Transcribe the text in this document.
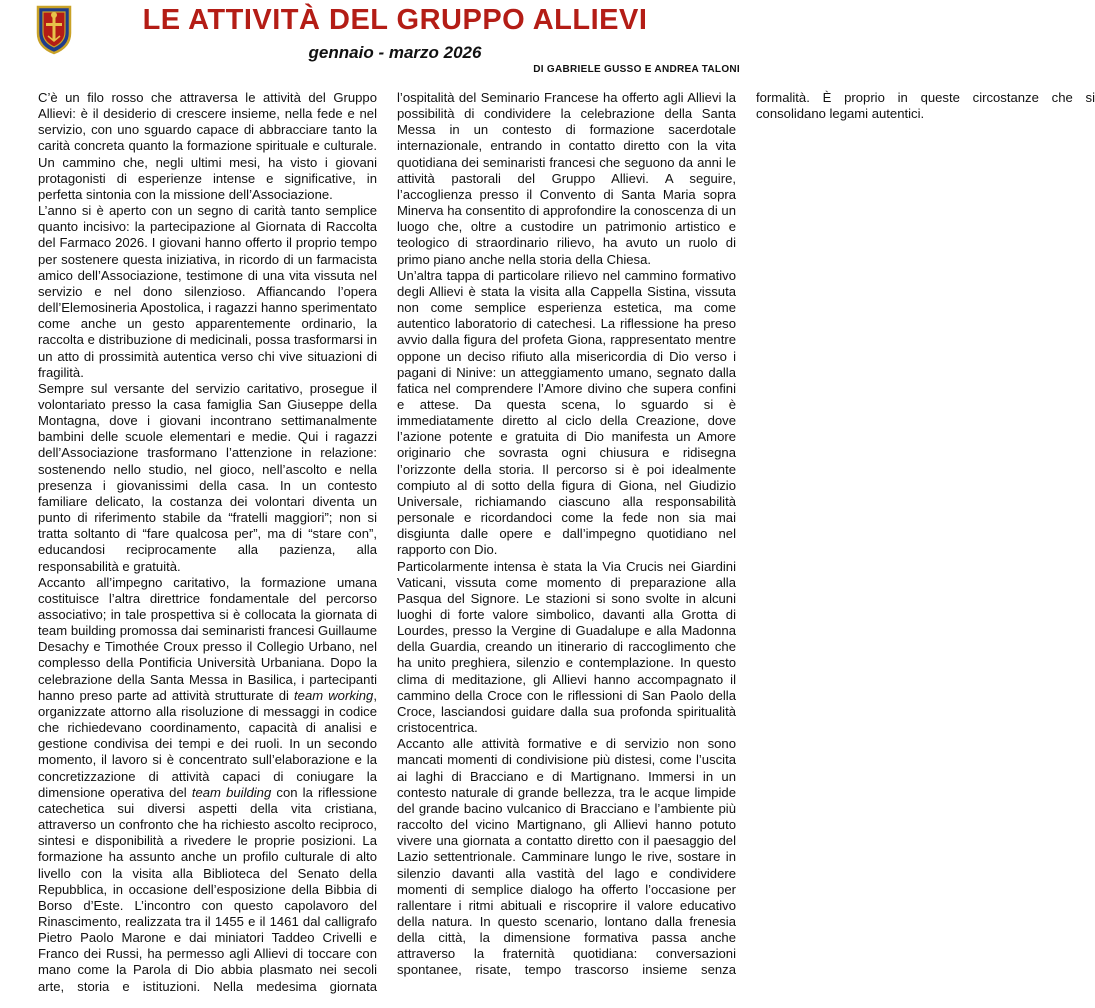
LE ATTIVITÀ DEL GRUPPO ALLIEVI
gennaio - marzo 2026
DI GABRIELE GUSSO E ANDREA TALONI

C’è un filo rosso che attraversa le attività del Gruppo Allievi: è il desiderio di crescere insieme, nella fede e nel servizio, con uno sguardo capace di abbracciare tanto la carità concreta quanto la formazione spirituale e culturale. Un cammino che, negli ultimi mesi, ha visto i giovani protagonisti di esperienze intense e significative, in perfetta sintonia con la missione dell’Associazione.

L’anno si è aperto con un segno di carità tanto semplice quanto incisivo: la partecipazione al Giornata di Raccolta del Farmaco 2026. I giovani hanno offerto il proprio tempo per sostenere questa iniziativa, in ricordo di un farmacista amico dell’Associazione, testimone di una vita vissuta nel servizio e nel dono silenzioso. Affiancando l’opera dell’Elemosineria Apostolica, i ragazzi hanno sperimentato come anche un gesto apparentemente ordinario, la raccolta e distribuzione di medicinali, possa trasformarsi in un atto di prossimità autentica verso chi vive situazioni di fragilità.

Sempre sul versante del servizio caritativo, prosegue il volontariato presso la casa famiglia San Giuseppe della Montagna, dove i giovani incontrano settimanalmente bambini delle scuole elementari e medie. Qui i ragazzi dell’Associazione trasformano l’attenzione in relazione: sostenendo nello studio, nel gioco, nell’ascolto e nella presenza i giovanissimi della casa. In un contesto familiare delicato, la costanza dei volontari diventa un punto di riferimento stabile da “fratelli maggiori”; non si tratta soltanto di “fare qualcosa per”, ma di “stare con”, educandosi reciprocamente alla pazienza, alla responsabilità e gratuità.

Accanto all’impegno caritativo, la formazione umana costituisce l’altra direttrice fondamentale del percorso associativo; in tale prospettiva si è collocata la giornata di team building promossa dai seminaristi francesi Guillaume Desachy e Timothée Croux presso il Collegio Urbano, nel complesso della Pontificia Università Urbaniana. Dopo la celebrazione della Santa Messa in Basilica, i partecipanti hanno preso parte ad attività strutturate di team working, organizzate attorno alla risoluzione di messaggi in codice che richiedevano coordinamento, capacità di analisi e gestione condivisa dei tempi e dei ruoli. In un secondo momento, il lavoro si è concentrato sull’elaborazione e la concretizzazione di attività capaci di coniugare la dimensione operativa del team building con la riflessione catechetica sui diversi aspetti della vita cristiana, attraverso un confronto che ha richiesto ascolto reciproco, sintesi e disponibilità a rivedere le proprie posizioni. La formazione ha assunto anche un profilo culturale di alto livello con la visita alla Biblioteca del Senato della Repubblica, in occasione dell’esposizione della Bibbia di Borso d’Este. L’incontro con questo capolavoro del Rinascimento, realizzata tra il 1455 e il 1461 dal calligrafo Pietro Paolo Marone e dai miniatori Taddeo Crivelli e Franco dei Russi, ha permesso agli Allievi di toccare con mano come la Parola di Dio abbia plasmato nei secoli arte, storia e istituzioni. Nella medesima giornata l’ospitalità del Seminario Francese ha offerto agli Allievi la possibilità di condividere la celebrazione della Santa Messa in un contesto di formazione sacerdotale internazionale, entrando in contatto diretto con la vita quotidiana dei seminaristi francesi che seguono da anni le attività pastorali del Gruppo Allievi. A seguire, l’accoglienza presso il Convento di Santa Maria sopra Minerva ha consentito di approfondire la conoscenza di un luogo che, oltre a custodire un patrimonio artistico e teologico di straordinario rilievo, ha avuto un ruolo di primo piano anche nella storia della Chiesa.

Un’altra tappa di particolare rilievo nel cammino formativo degli Allievi è stata la visita alla Cappella Sistina, vissuta non come semplice esperienza estetica, ma come autentico laboratorio di catechesi. La riflessione ha preso avvio dalla figura del profeta Giona, rappresentato mentre oppone un deciso rifiuto alla misericordia di Dio verso i pagani di Ninive: un atteggiamento umano, segnato dalla fatica nel comprendere l’Amore divino che supera confini e attese. Da questa scena, lo sguardo si è immediatamente diretto al ciclo della Creazione, dove l’azione potente e gratuita di Dio manifesta un Amore originario che sovrasta ogni chiusura e ridisegna l’orizzonte della storia. Il percorso si è poi idealmente compiuto al di sotto della figura di Giona, nel Giudizio Universale, richiamando ciascuno alla responsabilità personale e ricordandoci come la fede non sia mai disgiunta dalle opere e dall’impegno quotidiano nel rapporto con Dio.

Particolarmente intensa è stata la Via Crucis nei Giardini Vaticani, vissuta come momento di preparazione alla Pasqua del Signore. Le stazioni si sono svolte in alcuni luoghi di forte valore simbolico, davanti alla Grotta di Lourdes, presso la Vergine di Guadalupe e alla Madonna della Guardia, creando un itinerario di raccoglimento che ha unito preghiera, silenzio e contemplazione. In questo clima di meditazione, gli Allievi hanno accompagnato il cammino della Croce con le riflessioni di San Paolo della Croce, lasciandosi guidare dalla sua profonda spiritualità cristocentrica.

Accanto alle attività formative e di servizio non sono mancati momenti di condivisione più distesi, come l’uscita ai laghi di Bracciano e di Martignano. Immersi in un contesto naturale di grande bellezza, tra le acque limpide del grande bacino vulcanico di Bracciano e l’ambiente più raccolto del vicino Martignano, gli Allievi hanno potuto vivere una giornata a contatto diretto con il paesaggio del Lazio settentrionale. Camminare lungo le rive, sostare in silenzio davanti alla vastità del lago e condividere momenti di semplice dialogo ha offerto l’occasione per rallentare i ritmi abituali e riscoprire il valore educativo della natura. In questo scenario, lontano dalla frenesia della città, la dimensione formativa passa anche attraverso la fraternità quotidiana: conversazioni spontanee, risate, tempo trascorso insieme senza formalità. È proprio in queste circostanze che si consolidano legami autentici.
